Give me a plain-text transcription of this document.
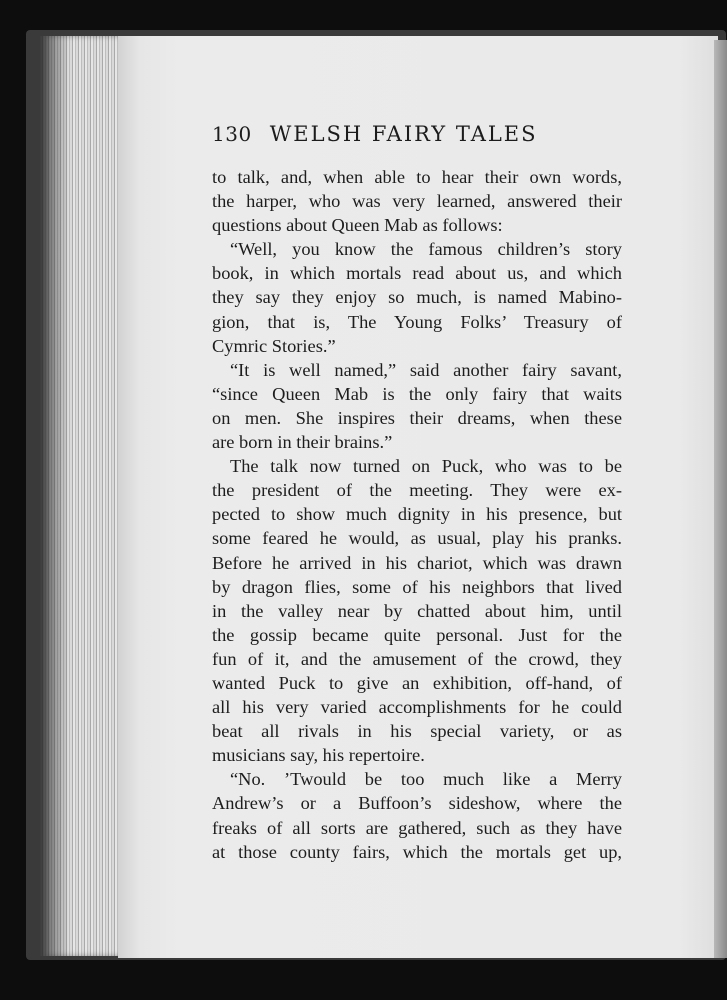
130 WELSH FAIRY TALES
to talk, and, when able to hear their own words,
the harper, who was very learned, answered their
questions about Queen Mab as follows:
“Well, you know the famous children’s story
book, in which mortals read about us, and which
they say they enjoy so much, is named Mabino-
gion, that is, The Young Folks’ Treasury of
Cymric Stories.”
“It is well named,” said another fairy savant,
“since Queen Mab is the only fairy that waits
on men. She inspires their dreams, when these
are born in their brains.”
The talk now turned on Puck, who was to be
the president of the meeting. They were ex-
pected to show much dignity in his presence, but
some feared he would, as usual, play his pranks.
Before he arrived in his chariot, which was drawn
by dragon flies, some of his neighbors that lived
in the valley near by chatted about him, until
the gossip became quite personal. Just for the
fun of it, and the amusement of the crowd, they
wanted Puck to give an exhibition, off-hand, of
all his very varied accomplishments for he could
beat all rivals in his special variety, or as
musicians say, his repertoire.
“No. ’Twould be too much like a Merry
Andrew’s or a Buffoon’s sideshow, where the
freaks of all sorts are gathered, such as they have
at those county fairs, which the mortals get up,
